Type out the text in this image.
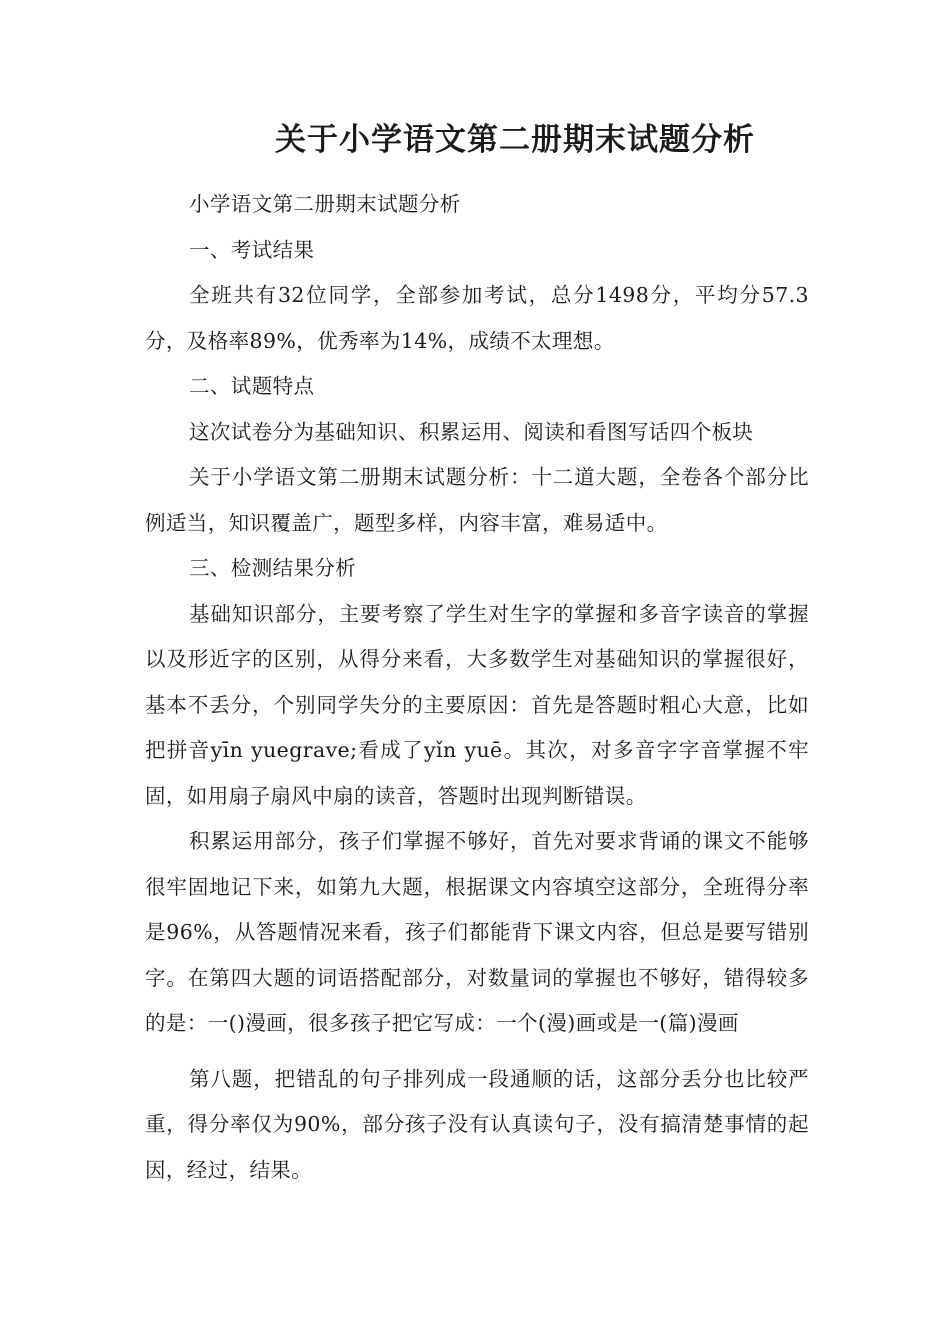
关于小学语文第二册期末试题分析

小学语文第二册期末试题分析

一、考试结果

全班共有32位同学，全部参加考试，总分1498分，平均分57.3分，及格率89%，优秀率为14%，成绩不太理想。

二、试题特点

这次试卷分为基础知识、积累运用、阅读和看图写话四个板块

关于小学语文第二册期末试题分析：十二道大题，全卷各个部分比例适当，知识覆盖广，题型多样，内容丰富，难易适中。

三、检测结果分析

基础知识部分，主要考察了学生对生字的掌握和多音字读音的掌握以及形近字的区别，从得分来看，大多数学生对基础知识的掌握很好，基本不丢分，个别同学失分的主要原因：首先是答题时粗心大意，比如把拼音yīn yuegrave;看成了yǐn yuē。其次，对多音字字音掌握不牢固，如用扇子扇风中扇的读音，答题时出现判断错误。

积累运用部分，孩子们掌握不够好，首先对要求背诵的课文不能够很牢固地记下来，如第九大题，根据课文内容填空这部分，全班得分率是96%，从答题情况来看，孩子们都能背下课文内容，但总是要写错别字。在第四大题的词语搭配部分，对数量词的掌握也不够好，错得较多的是：一()漫画，很多孩子把它写成：一个(漫)画或是一(篇)漫画

第八题，把错乱的句子排列成一段通顺的话，这部分丢分也比较严重，得分率仅为90%，部分孩子没有认真读句子，没有搞清楚事情的起因，经过，结果。
